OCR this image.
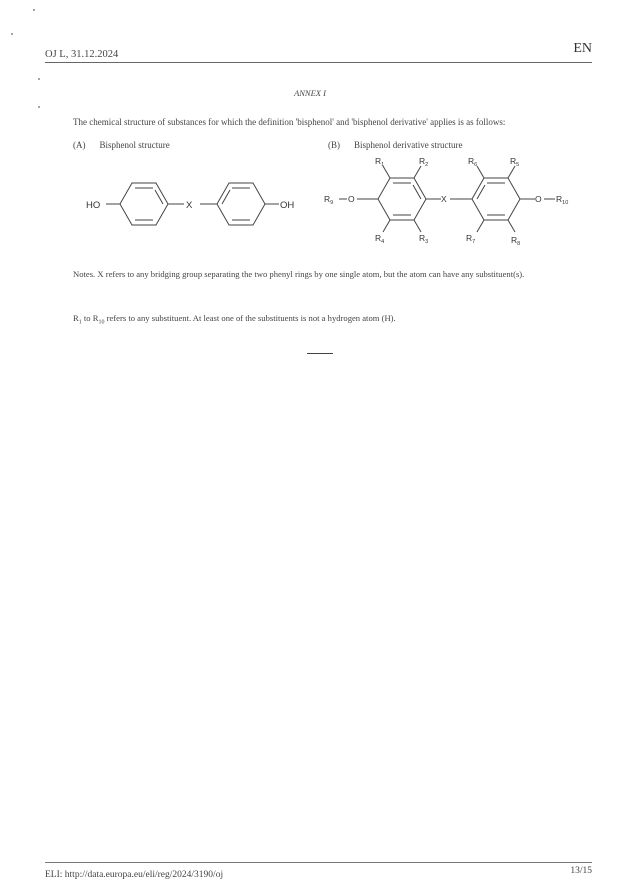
OJ L, 31.12.2024	EN
ANNEX I
The chemical structure of substances for which the definition 'bisphenol' and 'bisphenol derivative' applies is as follows:
(A) Bisphenol structure	(B) Bisphenol derivative structure
HO	X	OH
$R_1$	$R_2$	$R_6$	$R_5$
$R_4$	$R_3$	$R_7$	$R_8$
$R_9$	$R_{10}$
O	X	O
Notes. X refers to any bridging group separating the two phenyl rings by one single atom, but the atom can have any substituent(s).
$R_1$ to $R_{10}$ refers to any substituent. At least one of the substituents is not a hydrogen atom (H).
ELI: http://data.europa.eu/eli/reg/2024/3190/oj	13/15
